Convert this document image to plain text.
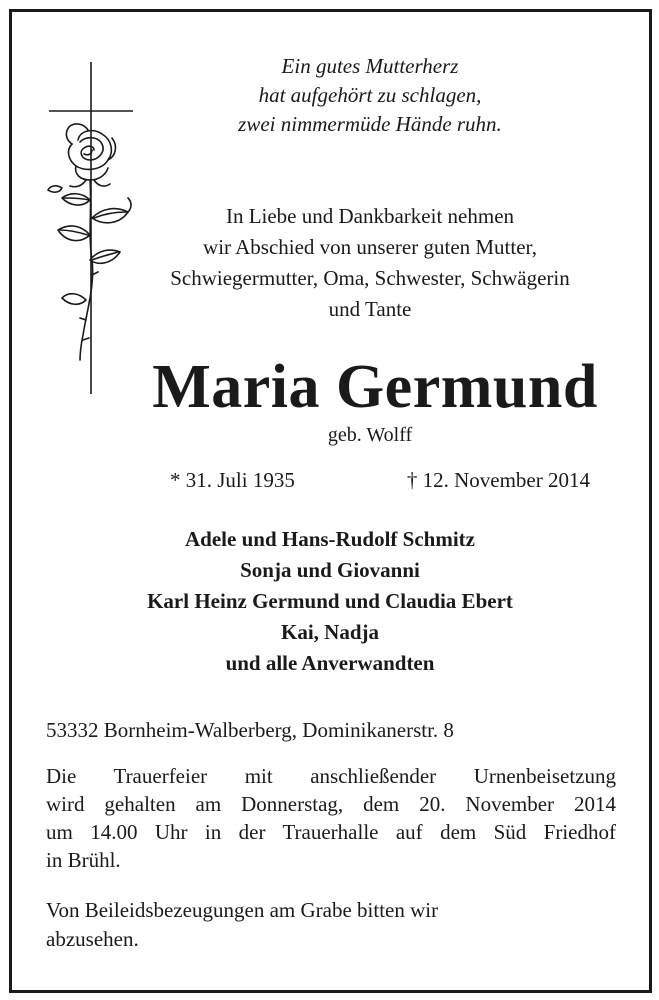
Ein gutes Mutterherz
hat aufgehört zu schlagen,
zwei nimmermüde Hände ruhn.
In Liebe und Dankbarkeit nehmen
wir Abschied von unserer guten Mutter,
Schwiegermutter, Oma, Schwester, Schwägerin
und Tante
Maria Germund
geb. Wolff
* 31. Juli 1935	† 12. November 2014
Adele und Hans-Rudolf Schmitz
Sonja und Giovanni
Karl Heinz Germund und Claudia Ebert
Kai, Nadja
und alle Anverwandten
53332 Bornheim-Walberberg, Dominikanerstr. 8
Die Trauerfeier mit anschließender Urnenbeisetzung
wird gehalten am Donnerstag, dem 20. November 2014
um 14.00 Uhr in der Trauerhalle auf dem Süd Friedhof
in Brühl.
Von Beileidsbezeugungen am Grabe bitten wir
abzusehen.
